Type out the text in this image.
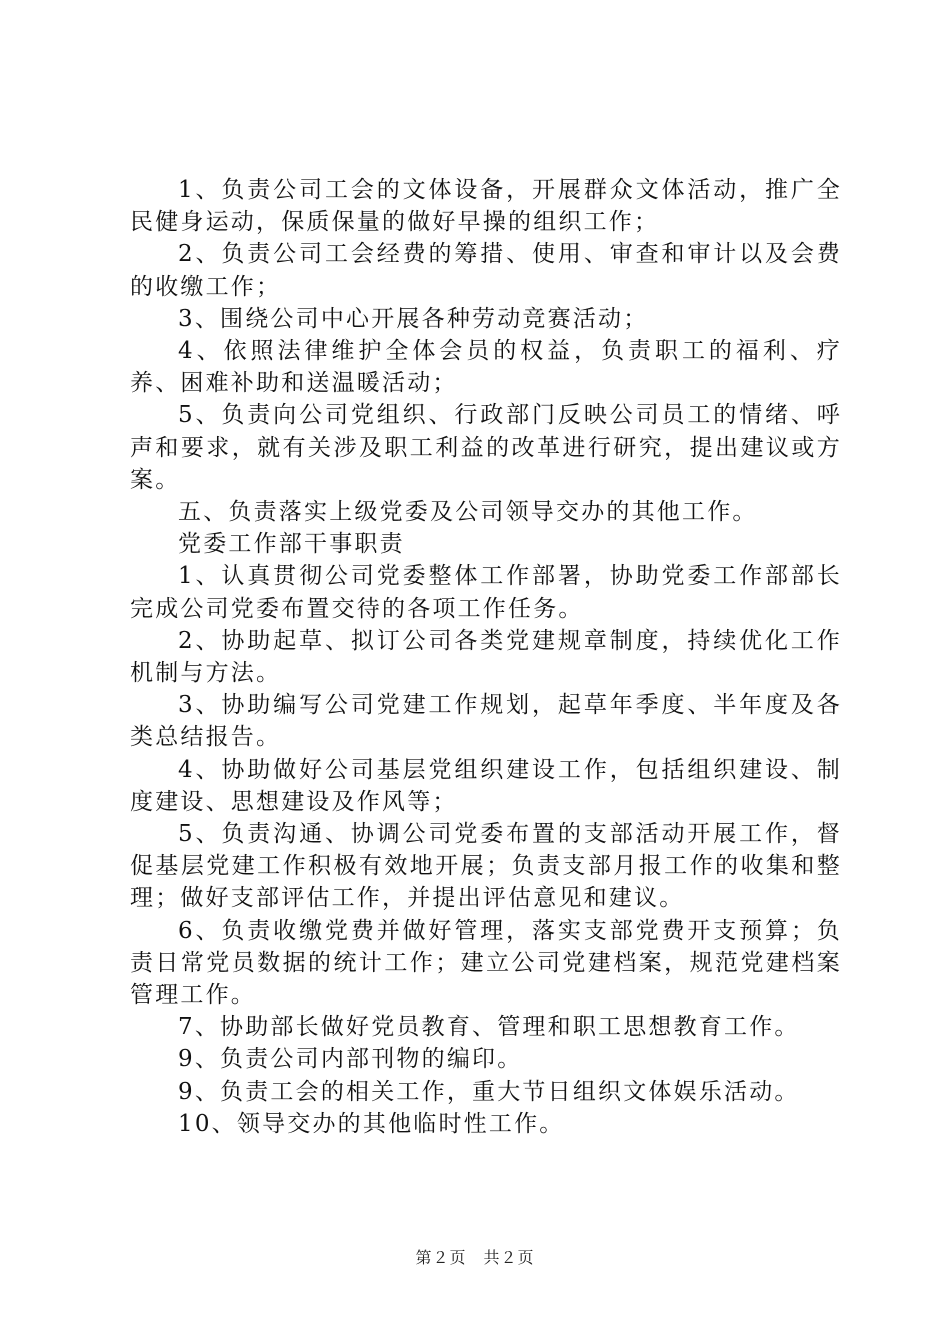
1、负责公司工会的文体设备，开展群众文体活动，推广全民健身运动，保质保量的做好早操的组织工作；

2、负责公司工会经费的筹措、使用、审查和审计以及会费的收缴工作；

3、围绕公司中心开展各种劳动竞赛活动；

4、依照法律维护全体会员的权益，负责职工的福利、疗养、困难补助和送温暖活动；

5、负责向公司党组织、行政部门反映公司员工的情绪、呼声和要求，就有关涉及职工利益的改革进行研究，提出建议或方案。

五、负责落实上级党委及公司领导交办的其他工作。

党委工作部干事职责

1、认真贯彻公司党委整体工作部署，协助党委工作部部长完成公司党委布置交待的各项工作任务。

2、协助起草、拟订公司各类党建规章制度，持续优化工作机制与方法。

3、协助编写公司党建工作规划，起草年季度、半年度及各类总结报告。

4、协助做好公司基层党组织建设工作，包括组织建设、制度建设、思想建设及作风等；

5、负责沟通、协调公司党委布置的支部活动开展工作，督促基层党建工作积极有效地开展；负责支部月报工作的收集和整理；做好支部评估工作，并提出评估意见和建议。

6、负责收缴党费并做好管理，落实支部党费开支预算；负责日常党员数据的统计工作；建立公司党建档案，规范党建档案管理工作。

7、协助部长做好党员教育、管理和职工思想教育工作。

9、负责公司内部刊物的编印。

9、负责工会的相关工作，重大节日组织文体娱乐活动。

10、领导交办的其他临时性工作。

第２页　共２页
